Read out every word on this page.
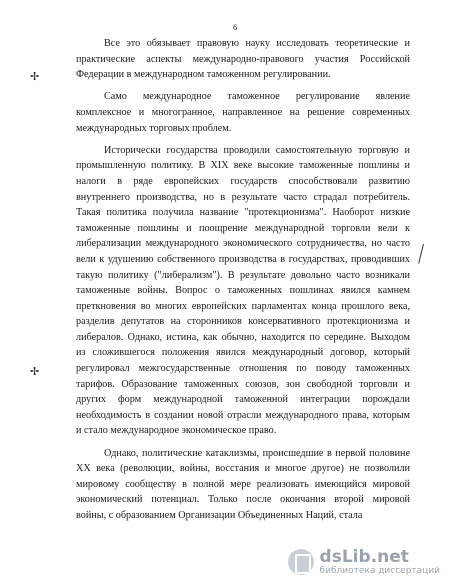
6
✢
✢

Все это обязывает правовую науку исследовать теоретические и
практические аспекты международно-правового участия Российской
Федерации в международном таможенном регулировании.

Само международное таможенное регулирование явление
комплексное и многогранное, направленное на решение современных
международных торговых проблем.

Исторически государства проводили самостоятельную торговую и
промышленную политику. В XIX веке высокие таможенные пошлины и
налоги в ряде европейских государств способствовали развитию
внутреннего производства, но в результате часто страдал потребитель.
Такая политика получила название "протекционизма". Наоборот низкие
таможенные пошлины и поощрение международной торговли вели к
либерализации международного экономического сотрудничества, но часто
вели к удушению собственного производства в государствах, проводивших
такую политику ("либерализм"). В результате довольно часто возникали
таможенные войны. Вопрос о таможенных пошлинах явился камнем
преткновения во многих европейских парламентах конца прошлого века,
разделив депутатов на сторонников консервативного протекционизма и
либералов. Однако, истина, как обычно, находится по середине. Выходом
из сложившегося положения явился международный договор, который
регулировал межгосударственные отношения по поводу таможенных
тарифов. Образование таможенных союзов, зон свободной торговли и
других форм международной таможенной интеграции порождали
необходимость в создании новой отрасли международного права, которым
и стало международное экономическое право.

Однако, политические катаклизмы, происшедшие в первой половине
XX века (революции, войны, восстания и многое другое) не позволили
мировому сообществу в полной мере реализовать имеющийся мировой
экономический потенциал. Только после окончания второй мировой
войны, с образованием Организации Объединенных Наций, стала

dsLib.net
библиотека диссертаций
